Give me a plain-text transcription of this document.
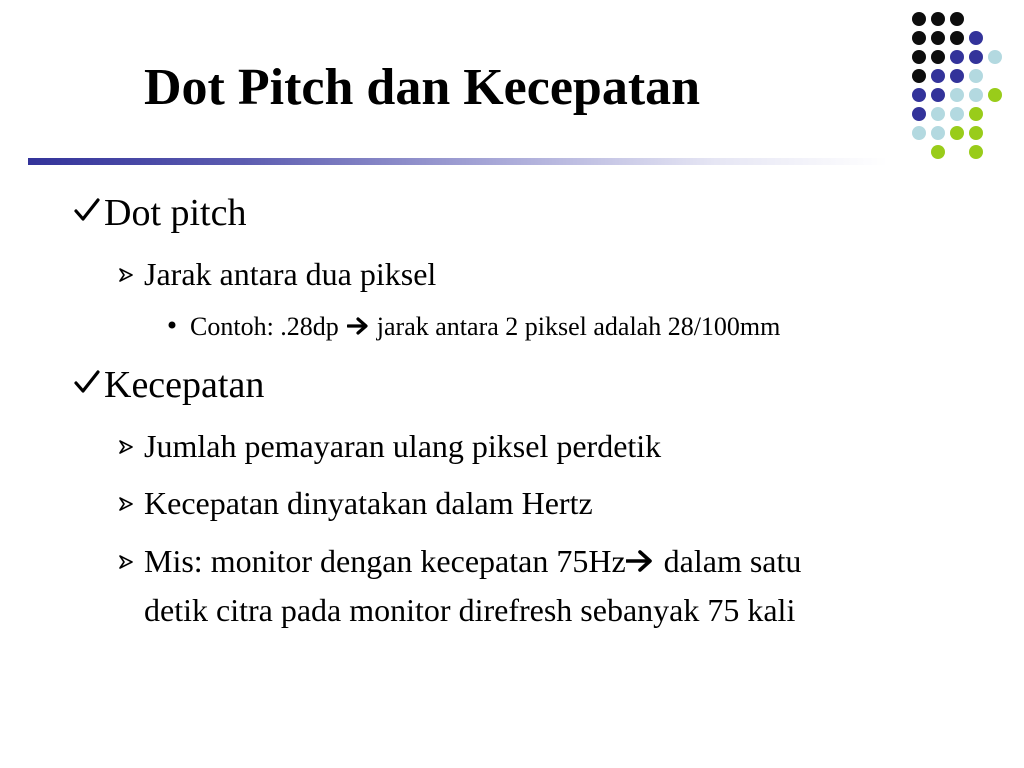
Dot Pitch dan Kecepatan
Dot pitch
Jarak antara dua piksel
Contoh: .28dp jarak antara 2 piksel adalah 28/100mm
Kecepatan
Jumlah pemayaran ulang piksel perdetik
Kecepatan dinyatakan dalam Hertz
Mis: monitor dengan kecepatan 75Hz dalam satu
detik citra pada monitor direfresh sebanyak 75 kali
